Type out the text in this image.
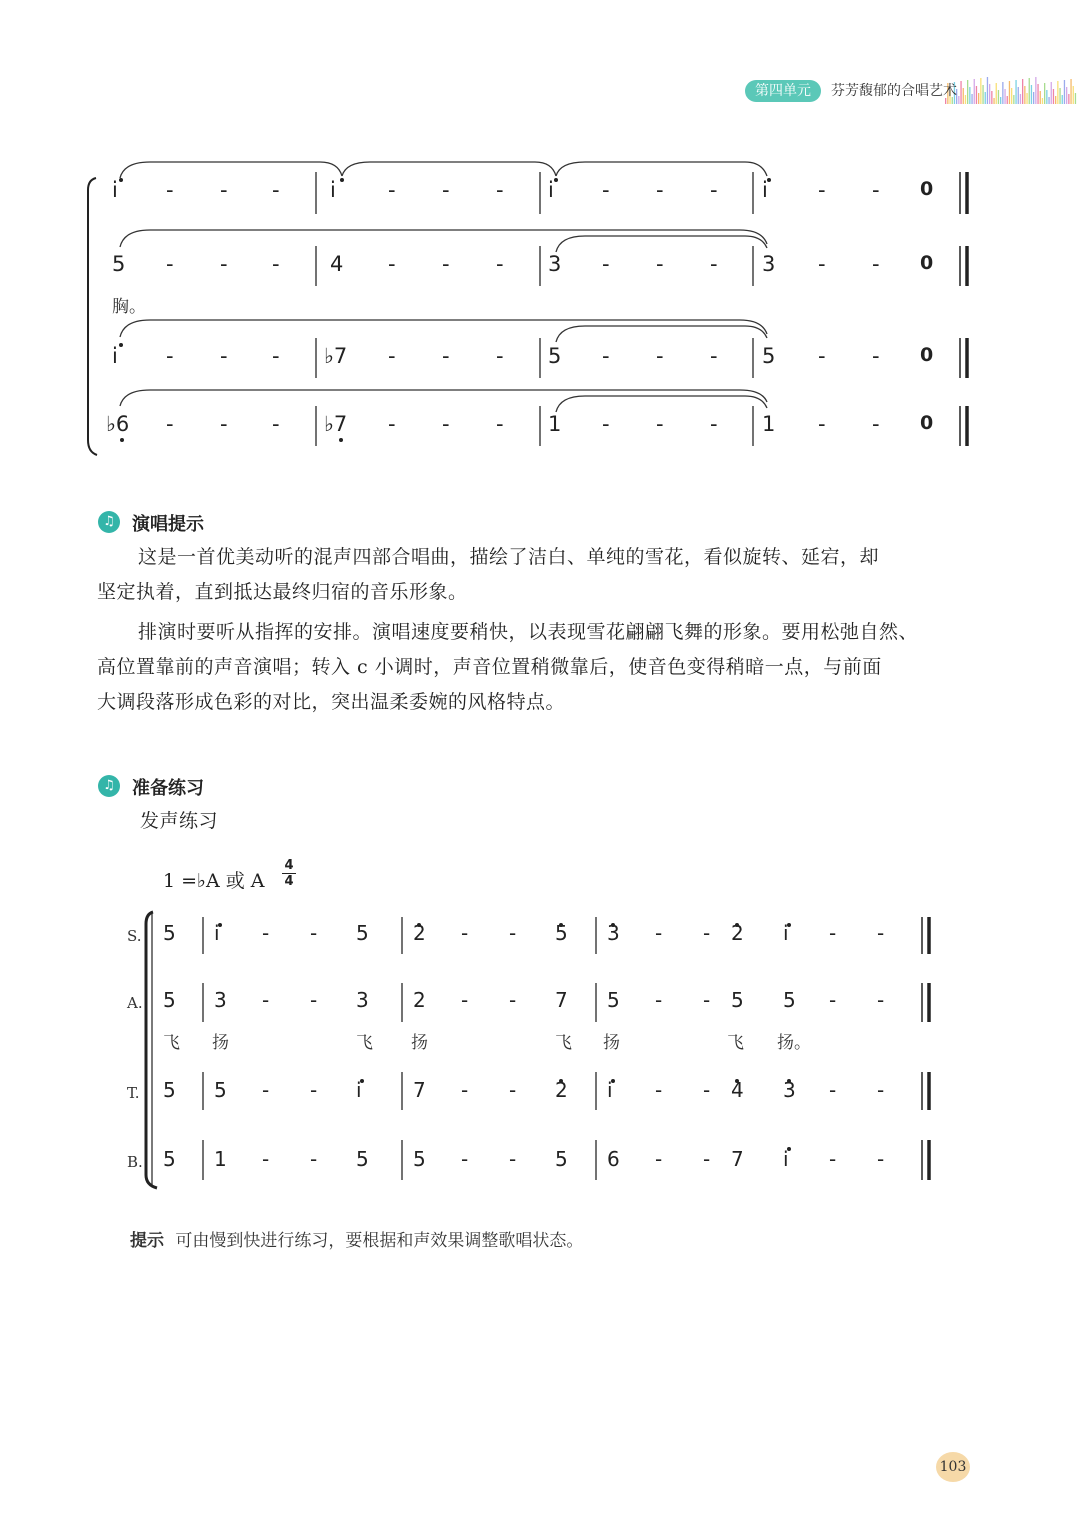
第四单元	芬芳馥郁的合唱艺术
i - - - i - - - i - - - i - - 0
5 - - - 4 - - - 3 - - - 3 - - 0
i - - - ♭7 - - - 5 - - - 5 - - 0
♭6 - - - ♭7 - - - 1 - - - 1 - - 0
胸。
♫ 演唱提示
这是一首优美动听的混声四部合唱曲，描绘了洁白、单纯的雪花，看似旋转、延宕，却
坚定执着，直到抵达最终归宿的音乐形象。
排演时要听从指挥的安排。演唱速度要稍快，以表现雪花翩翩飞舞的形象。要用松弛自然、
高位置靠前的声音演唱；转入 c 小调时，声音位置稍微靠后，使音色变得稍暗一点，与前面
大调段落形成色彩的对比，突出温柔委婉的风格特点。
♫ 准备练习
发声练习
1 =♭A 或 A
4
4
5 i - - 5 2 - - 5 3 - - 2 i - -
5 3 - - 3 2 - - 7 5 - - 5 5 - -
5 5 - - i	7 - - 2 i - - 4 3 - -
5 1 - - 5 5 - - 5 6 - - 7 i - -
S.
A.
T.
B.
飞 扬	飞 扬	飞 扬	飞 扬。
提示 可由慢到快进行练习，要根据和声效果调整歌唱状态。
103
